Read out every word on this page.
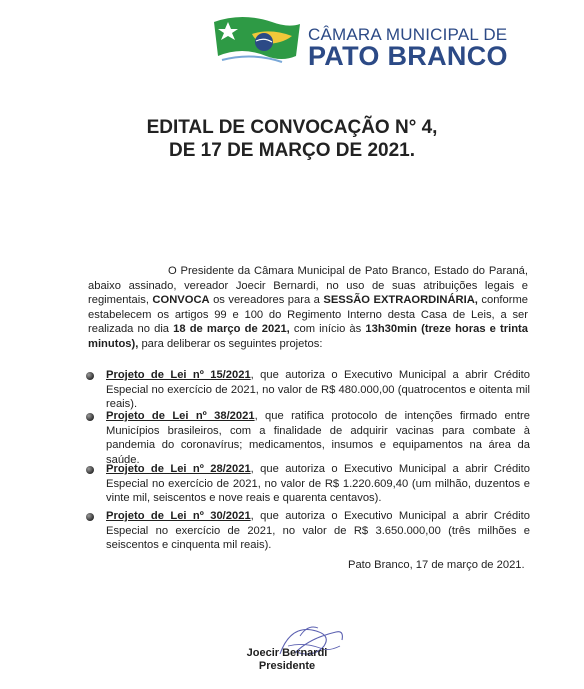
CÂMARA MUNICIPAL DE
PATO BRANCO
EDITAL DE CONVOCAÇÃO N° 4,
DE 17 DE MARÇO DE 2021.
O Presidente da Câmara Municipal de Pato Branco, Estado do Paraná, abaixo assinado, vereador Joecir Bernardi, no uso de suas atribuições legais e regimentais, CONVOCA os vereadores para a SESSÃO EXTRAORDINÁRIA, conforme estabelecem os artigos 99 e 100 do Regimento Interno desta Casa de Leis, a ser realizada no dia 18 de março de 2021, com início às 13h30min (treze horas e trinta minutos), para deliberar os seguintes projetos:
Projeto de Lei nº 15/2021, que autoriza o Executivo Municipal a abrir Crédito Especial no exercício de 2021, no valor de R$ 480.000,00 (quatrocentos e oitenta mil reais).
Projeto de Lei nº 38/2021, que ratifica protocolo de intenções firmado entre Municípios brasileiros, com a finalidade de adquirir vacinas para combate à pandemia do coronavírus; medicamentos, insumos e equipamentos na área da saúde.
Projeto de Lei nº 28/2021, que autoriza o Executivo Municipal a abrir Crédito Especial no exercício de 2021, no valor de R$ 1.220.609,40 (um milhão, duzentos e vinte mil, seiscentos e nove reais e quarenta centavos).
Projeto de Lei nº 30/2021, que autoriza o Executivo Municipal a abrir Crédito Especial no exercício de 2021, no valor de R$ 3.650.000,00 (três milhões e seiscentos e cinquenta mil reais).
Pato Branco, 17 de março de 2021.
Joecir Bernardi
Presidente
